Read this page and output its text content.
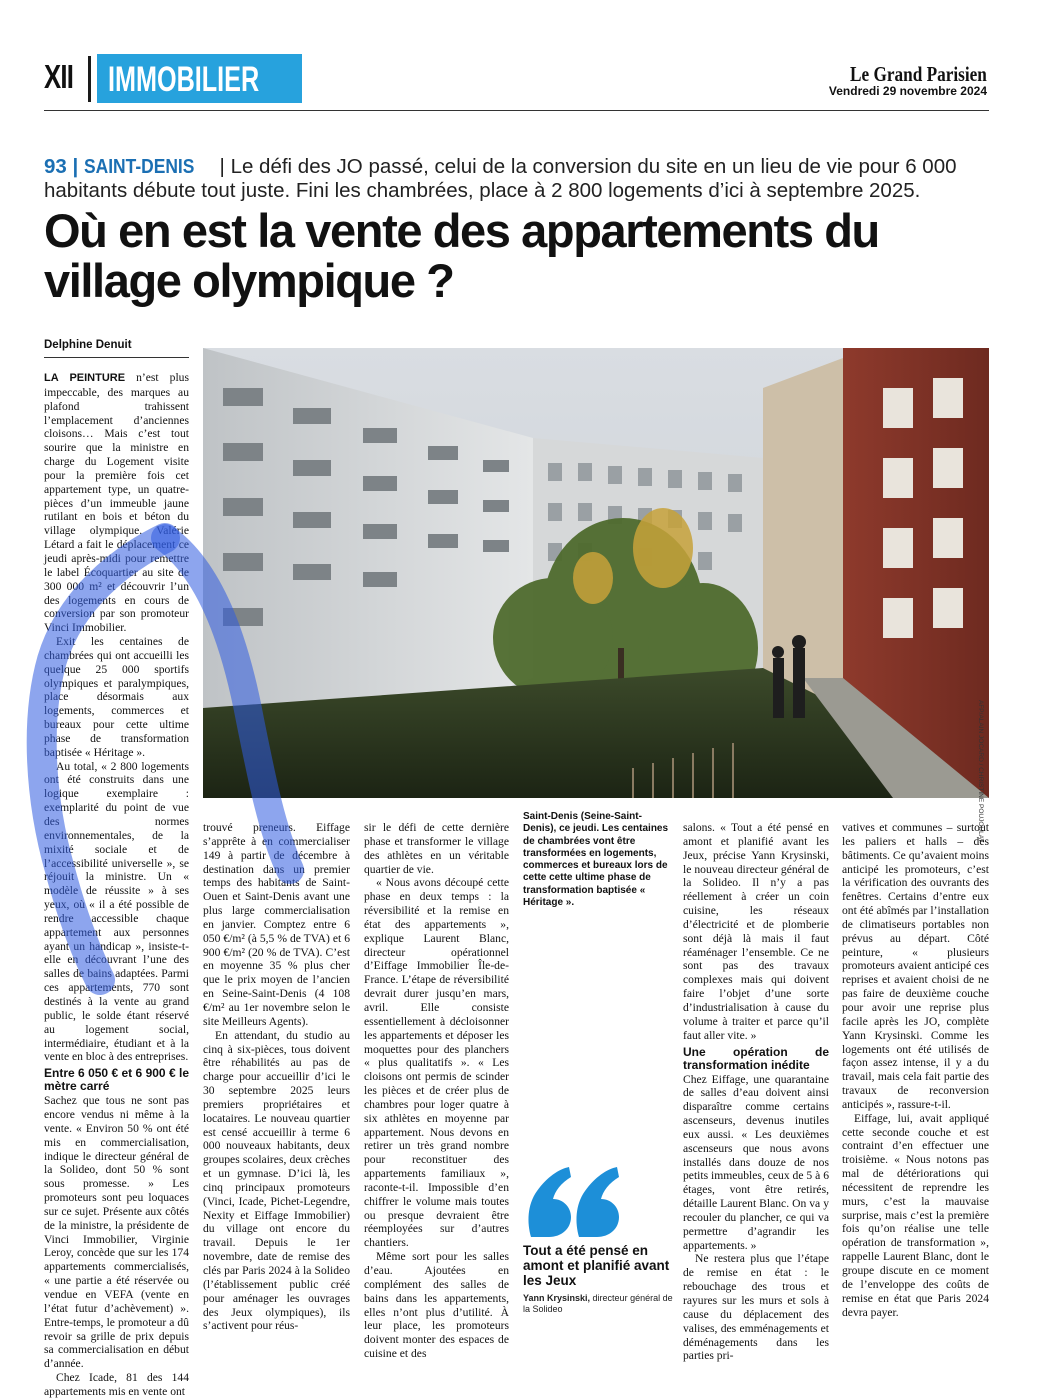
XII IMMOBILIER	Le Grand Parisien
Vendredi 29 novembre 2024
93 | SAINT-DENIS | Le défi des JO passé, celui de la conversion du site en un lieu de vie pour 6 000 habitants débute tout juste. Fini les chambrées, place à 2 800 logements d’ici à septembre 2025.
Où en est la vente des appartements du village olympique ?
Delphine Denuit

LA PEINTURE n’est plus impeccable, des marques au plafond trahissent l’emplacement d’anciennes cloisons… Mais c’est tout sourire que la ministre en charge du Logement visite pour la première fois cet appartement type, un quatre-pièces d’un immeuble jaune rutilant en bois et béton du village olympique. Valérie Létard a fait le déplacement ce jeudi après-midi pour remettre le label Écoquartier au site de 300 000 m² et découvrir l’un des logements en cours de conversion par son promoteur Vinci Immobilier.

Exit les centaines de chambrées qui ont accueilli les quelque 25 000 sportifs olympiques et paralympiques, place désormais aux logements, commerces et bureaux pour cette ultime phase de transformation baptisée « Héritage ».

Au total, « 2 800 logements ont été construits dans une logique exemplaire : exemplarité du point de vue des normes environnementales, de la mixité sociale et de l’accessibilité universelle », se réjouit la ministre. Un « modèle de réussite » à ses yeux, où « il a été possible de rendre accessible chaque appartement aux personnes ayant un handicap », insiste-t-elle en découvrant l’une des salles de bains adaptées. Parmi ces appartements, 770 sont destinés à la vente au grand public, le solde étant réservé au logement social, intermédiaire, étudiant et à la vente en bloc à des entreprises.

Entre 6 050 € et 6 900 € le mètre carré

Sachez que tous ne sont pas encore vendus ni même à la vente. « Environ 50 % ont été mis en commercialisation, indique le directeur général de la Solideo, dont 50 % sont sous promesse. » Les promoteurs sont peu loquaces sur ce sujet. Présente aux côtés de la ministre, la présidente de Vinci Immobilier, Virginie Leroy, concède que sur les 174 appartements commercialisés, « une partie a été réservée ou vendue en VEFA (vente en l’état futur d’achèvement) ». Entre-temps, le promoteur a dû revoir sa grille de prix depuis sa commercialisation en début d’année.

Chez Icade, 81 des 144 appartements mis en vente ont

AFP/ALAIN JOCARD / CHRISTINE POUJOULAT

trouvé preneurs. Eiffage s’apprête à en commercialiser 149 à partir de décembre à destination dans un premier temps des habitants de Saint-Ouen et Saint-Denis avant une plus large commercialisation en janvier. Comptez entre 6 050 €/m² (à 5,5 % de TVA) et 6 900 €/m² (20 % de TVA). C’est en moyenne 35 % plus cher que le prix moyen de l’ancien en Seine-Saint-Denis (4 108 €/m² au 1er novembre selon le site Meilleurs Agents).

En attendant, du studio au cinq à six-pièces, tous doivent être réhabilités au pas de charge pour accueillir d’ici le 30 septembre 2025 leurs premiers propriétaires et locataires. Le nouveau quartier est censé accueillir à terme 6 000 nouveaux habitants, deux groupes scolaires, deux crèches et un gymnase. D’ici là, les cinq principaux promoteurs (Vinci, Icade, Pichet-Legendre, Nexity et Eiffage Immobilier) du village ont encore du travail. Depuis le 1er novembre, date de remise des clés par Paris 2024 à la Solideo (l’établissement public créé pour aménager les ouvrages des Jeux olympiques), ils s’activent pour réus-

sir le défi de cette dernière phase et transformer le village des athlètes en un véritable quartier de vie.

« Nous avons découpé cette phase en deux temps : la réversibilité et la remise en état des appartements », explique Laurent Blanc, directeur opérationnel d’Eiffage Immobilier Île-de-France. L’étape de réversibilité devrait durer jusqu’en mars, avril. Elle consiste essentiellement à décloisonner les appartements et déposer les moquettes pour des planchers « plus qualitatifs ». « Les cloisons ont permis de scinder les pièces et de créer plus de chambres pour loger quatre à six athlètes en moyenne par appartement. Nous devons en retirer un très grand nombre pour reconstituer des appartements familiaux », raconte-t-il. Impossible d’en chiffrer le volume mais toutes ou presque devraient être réemployées sur d’autres chantiers.

Même sort pour les salles d’eau. Ajoutées en complément des salles de bains dans les appartements, elles n’ont plus d’utilité. À leur place, les promoteurs doivent monter des espaces de cuisine et des

Saint-Denis (Seine-Saint-Denis), ce jeudi. Les centaines de chambrées vont être transformées en logements, commerces et bureaux lors de cette cette ultime phase de transformation baptisée « Héritage ».
Tout a été pensé en amont et planifié avant les Jeux
Yann Krysinski, directeur général de la Solideo

salons. « Tout a été pensé en amont et planifié avant les Jeux, précise Yann Krysinski, le nouveau directeur général de la Solideo. Il n’y a pas réellement à créer un coin cuisine, les réseaux d’électricité et de plomberie sont déjà là mais il faut réaménager l’ensemble. Ce ne sont pas des travaux complexes mais qui doivent faire l’objet d’une sorte d’industrialisation à cause du volume à traiter et parce qu’il faut aller vite. »

Une opération de transformation inédite

Chez Eiffage, une quarantaine de salles d’eau doivent ainsi disparaître comme certains ascenseurs, devenus inutiles eux aussi. « Les deuxièmes ascenseurs que nous avons installés dans douze de nos petits immeubles, ceux de 5 à 6 étages, vont être retirés, détaille Laurent Blanc. On va y recouler du plancher, ce qui va permettre d’agrandir les appartements. »

Ne restera plus que l’étape de remise en état : le rebouchage des trous et rayures sur les murs et sols à cause du déplacement des valises, des emménagements et déménagements dans les parties pri-

vatives et communes – surtout les paliers et halls – des bâtiments. Ce qu’avaient moins anticipé les promoteurs, c’est la vérification des ouvrants des fenêtres. Certains d’entre eux ont été abîmés par l’installation de climatiseurs portables non prévus au départ. Côté peinture, « plusieurs promoteurs avaient anticipé ces reprises et avaient choisi de ne pas faire de deuxième couche pour avoir une reprise plus facile après les JO, complète Yann Krysinski. Comme les logements ont été utilisés de façon assez intense, il y a du travail, mais cela fait partie des travaux de reconversion anticipés », rassure-t-il.

Eiffage, lui, avait appliqué cette seconde couche et est contraint d’en effectuer une troisième. « Nous notons pas mal de détériorations qui nécessitent de reprendre les murs, c’est la mauvaise surprise, mais c’est la première fois qu’on réalise une telle opération de transformation », rappelle Laurent Blanc, dont le groupe discute en ce moment de l’enveloppe des coûts de remise en état que Paris 2024 devra payer.
